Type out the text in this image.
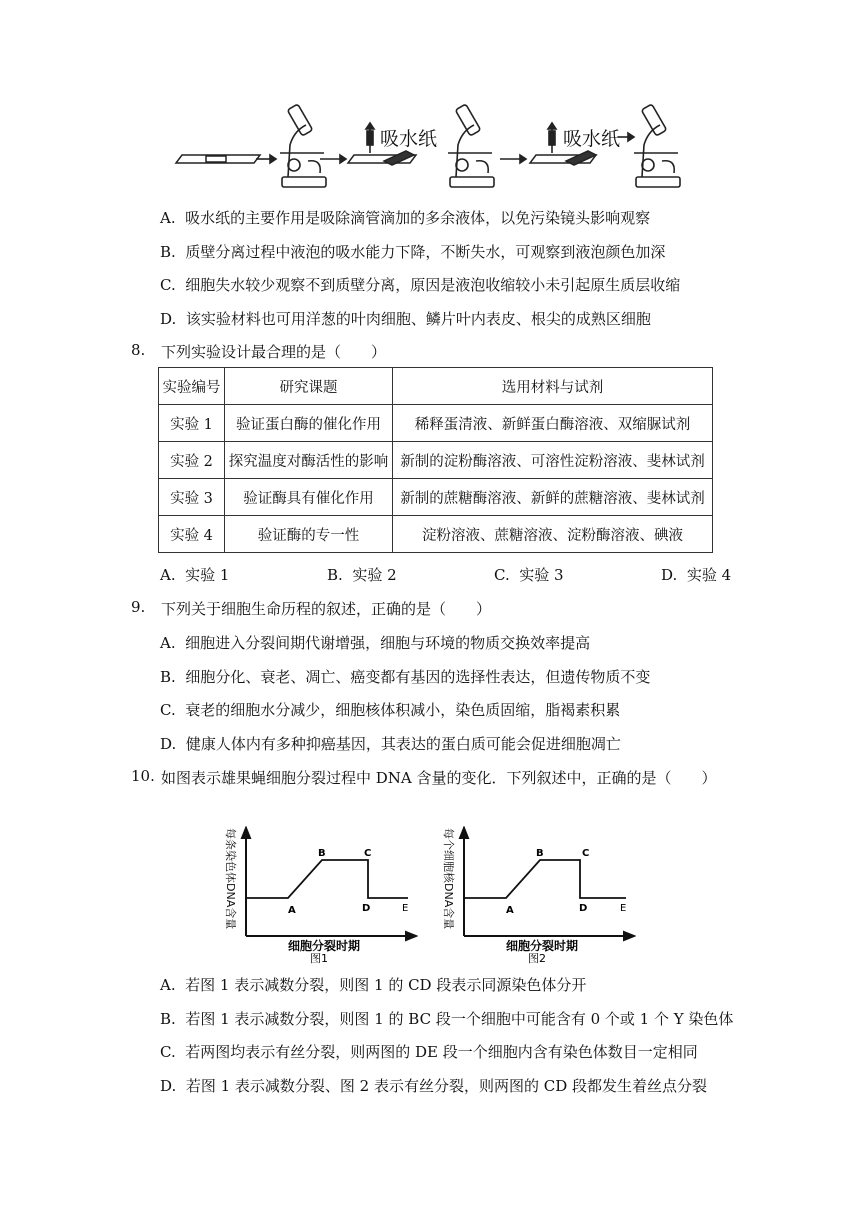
吸水纸	吸水纸
A. 吸水纸的主要作用是吸除滴管滴加的多余液体，以免污染镜头影响观察
B. 质壁分离过程中液泡的吸水能力下降，不断失水，可观察到液泡颜色加深
C. 细胞失水较少观察不到质壁分离，原因是液泡收缩较小未引起原生质层收缩
D. 该实验材料也可用洋葱的叶肉细胞、鳞片叶内表皮、根尖的成熟区细胞
8. 下列实验设计最合理的是（　　）
实验编号	研究课题	选用材料与试剂
实验 1	验证蛋白酶的催化作用	稀释蛋清液、新鲜蛋白酶溶液、双缩脲试剂
实验 2	探究温度对酶活性的影响	新制的淀粉酶溶液、可溶性淀粉溶液、斐林试剂
实验 3	验证酶具有催化作用	新制的蔗糖酶溶液、新鲜的蔗糖溶液、斐林试剂
实验 4	验证酶的专一性	淀粉溶液、蔗糖溶液、淀粉酶溶液、碘液
A. 实验 1	B. 实验 2	C. 实验 3	D. 实验 4
9. 下列关于细胞生命历程的叙述，正确的是（　　）
A. 细胞进入分裂间期代谢增强，细胞与环境的物质交换效率提高
B. 细胞分化、衰老、凋亡、癌变都有基因的选择性表达，但遗传物质不变
C. 衰老的细胞水分减少，细胞核体积减小，染色质固缩，脂褐素积累
D. 健康人体内有多种抑癌基因，其表达的蛋白质可能会促进细胞凋亡
10. 如图表示雄果蝇细胞分裂过程中 DNA 含量的变化．下列叙述中，正确的是（　　）
每条染色体DNA含量	A
B	C
D	E
细胞分裂时期
图1
每个细胞核DNA含量	A
B	C
D	E
细胞分裂时期
图2
A. 若图 1 表示减数分裂，则图 1 的 CD 段表示同源染色体分开
B. 若图 1 表示减数分裂，则图 1 的 BC 段一个细胞中可能含有 0 个或 1 个 Y 染色体
C. 若两图均表示有丝分裂，则两图的 DE 段一个细胞内含有染色体数目一定相同
D. 若图 1 表示减数分裂、图 2 表示有丝分裂，则两图的 CD 段都发生着丝点分裂
